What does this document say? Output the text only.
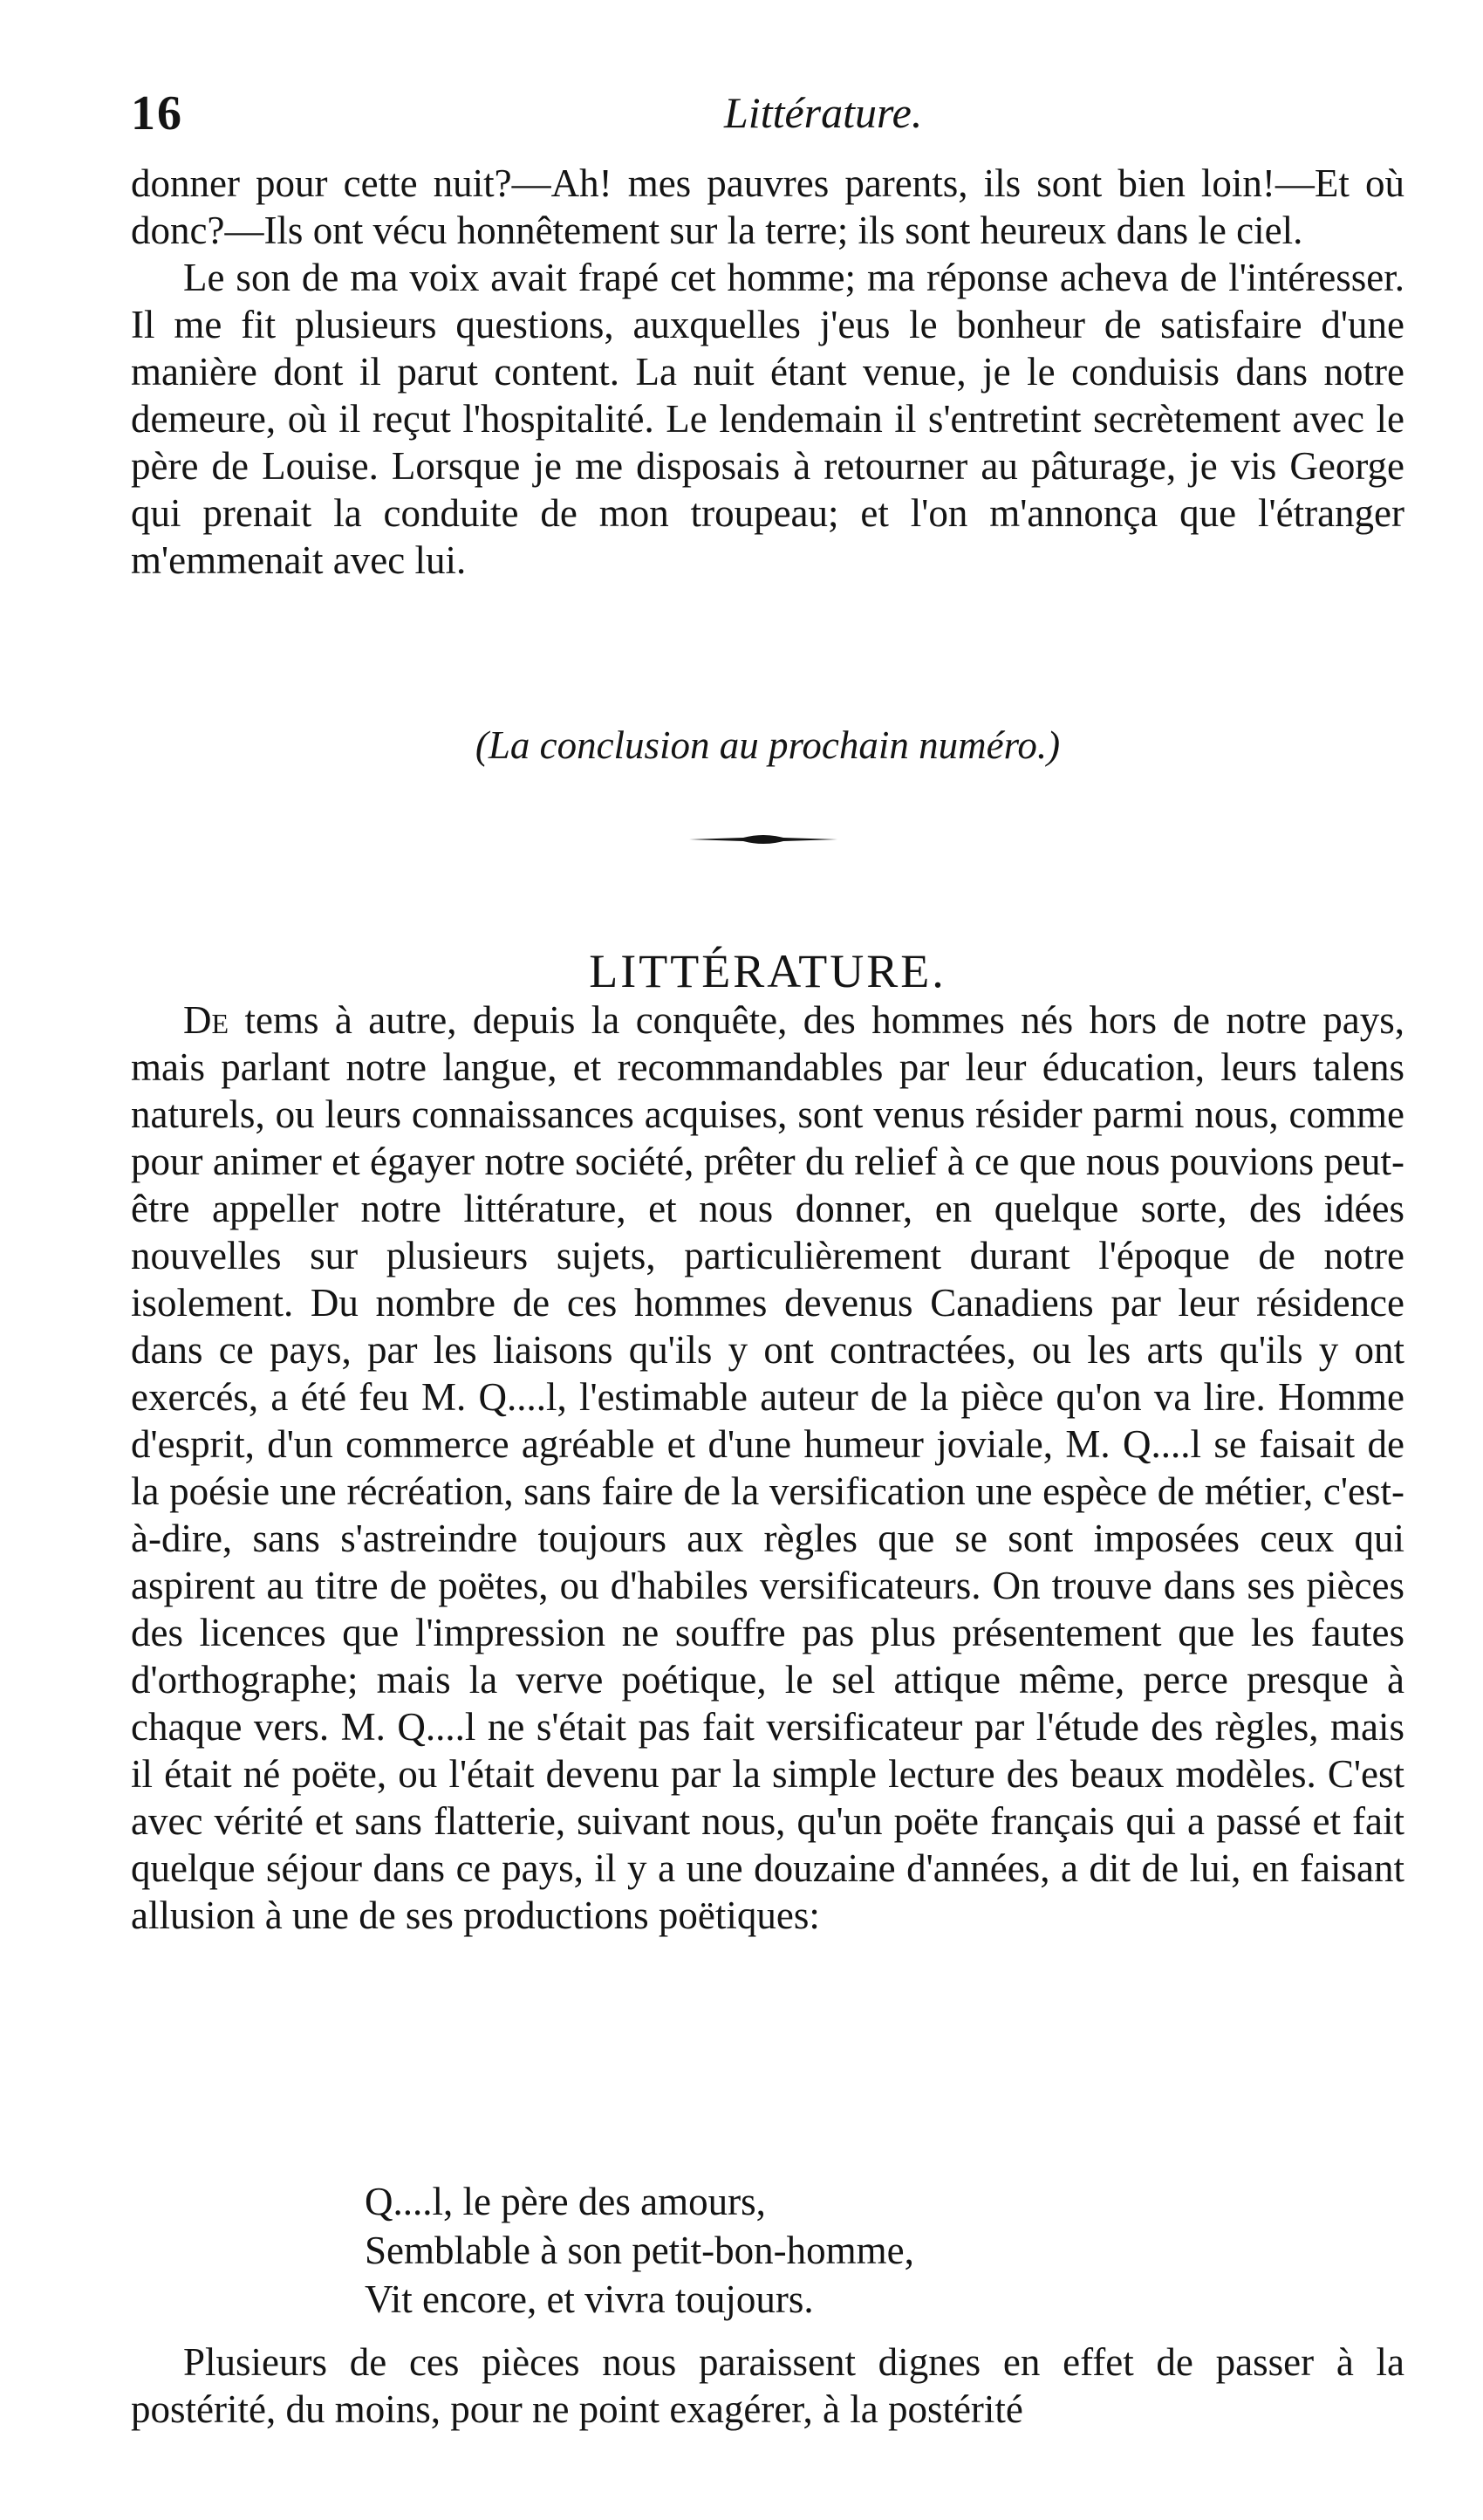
16	Littérature.

donner pour cette nuit?—Ah! mes pauvres parents, ils sont bien loin!—Et où donc?—Ils ont vécu honnêtement sur la terre; ils sont heureux dans le ciel.

Le son de ma voix avait frapé cet homme; ma réponse acheva de l'intéresser. Il me fit plusieurs questions, auxquelles j'eus le bonheur de satisfaire d'une manière dont il parut content. La nuit étant venue, je le conduisis dans notre demeure, où il reçut l'hospitalité. Le lendemain il s'entretint secrètement avec le père de Louise. Lorsque je me disposais à retourner au pâturage, je vis George qui prenait la conduite de mon troupeau; et l'on m'annonça que l'étranger m'emmenait avec lui.

(La conclusion au prochain numéro.)
LITTÉRATURE.

De tems à autre, depuis la conquête, des hommes nés hors de notre pays, mais parlant notre langue, et recommandables par leur éducation, leurs talens naturels, ou leurs connaissances acquises, sont venus résider parmi nous, comme pour animer et égayer notre société, prêter du relief à ce que nous pouvions peut-être appeller notre littérature, et nous donner, en quelque sorte, des idées nouvelles sur plusieurs sujets, particulièrement durant l'époque de notre isolement. Du nombre de ces hommes devenus Canadiens par leur résidence dans ce pays, par les liaisons qu'ils y ont contractées, ou les arts qu'ils y ont exercés, a été feu M. Q....l, l'estimable auteur de la pièce qu'on va lire. Homme d'esprit, d'un commerce agréable et d'une humeur joviale, M. Q....l se faisait de la poésie une récréation, sans faire de la versification une espèce de métier, c'est-à-dire, sans s'astreindre toujours aux règles que se sont imposées ceux qui aspirent au titre de poëtes, ou d'habiles versificateurs. On trouve dans ses pièces des licences que l'impression ne souffre pas plus présentement que les fautes d'orthographe; mais la verve poétique, le sel attique même, perce presque à chaque vers. M. Q....l ne s'était pas fait versificateur par l'étude des règles, mais il était né poëte, ou l'était devenu par la simple lecture des beaux modèles. C'est avec vérité et sans flatterie, suivant nous, qu'un poëte français qui a passé et fait quelque séjour dans ce pays, il y a une douzaine d'années, a dit de lui, en faisant allusion à une de ses productions poëtiques:

Q....l, le père des amours,
Semblable à son petit-bon-homme,
Vit encore, et vivra toujours.

Plusieurs de ces pièces nous paraissent dignes en effet de passer à la postérité, du moins, pour ne point exagérer, à la postérité
